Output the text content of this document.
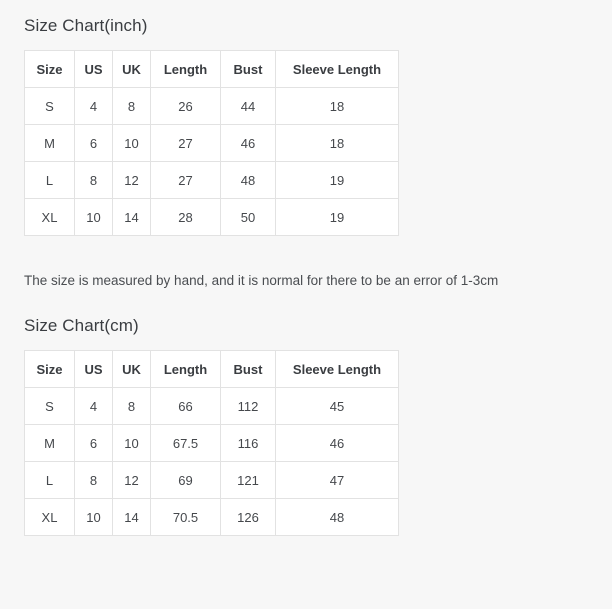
Size Chart(inch)
Size	US	UK	Length	Bust	Sleeve Length
S	4	8	26	44	18
M	6	10	27	46	18
L	8	12	27	48	19
XL	10	14	28	50	19

The size is measured by hand, and it is normal for there to be an error of 1-3cm

Size Chart(cm)
Size	US	UK	Length	Bust	Sleeve Length
S	4	8	66	112	45
M	6	10	67.5	116	46
L	8	12	69	121	47
XL	10	14	70.5	126	48
